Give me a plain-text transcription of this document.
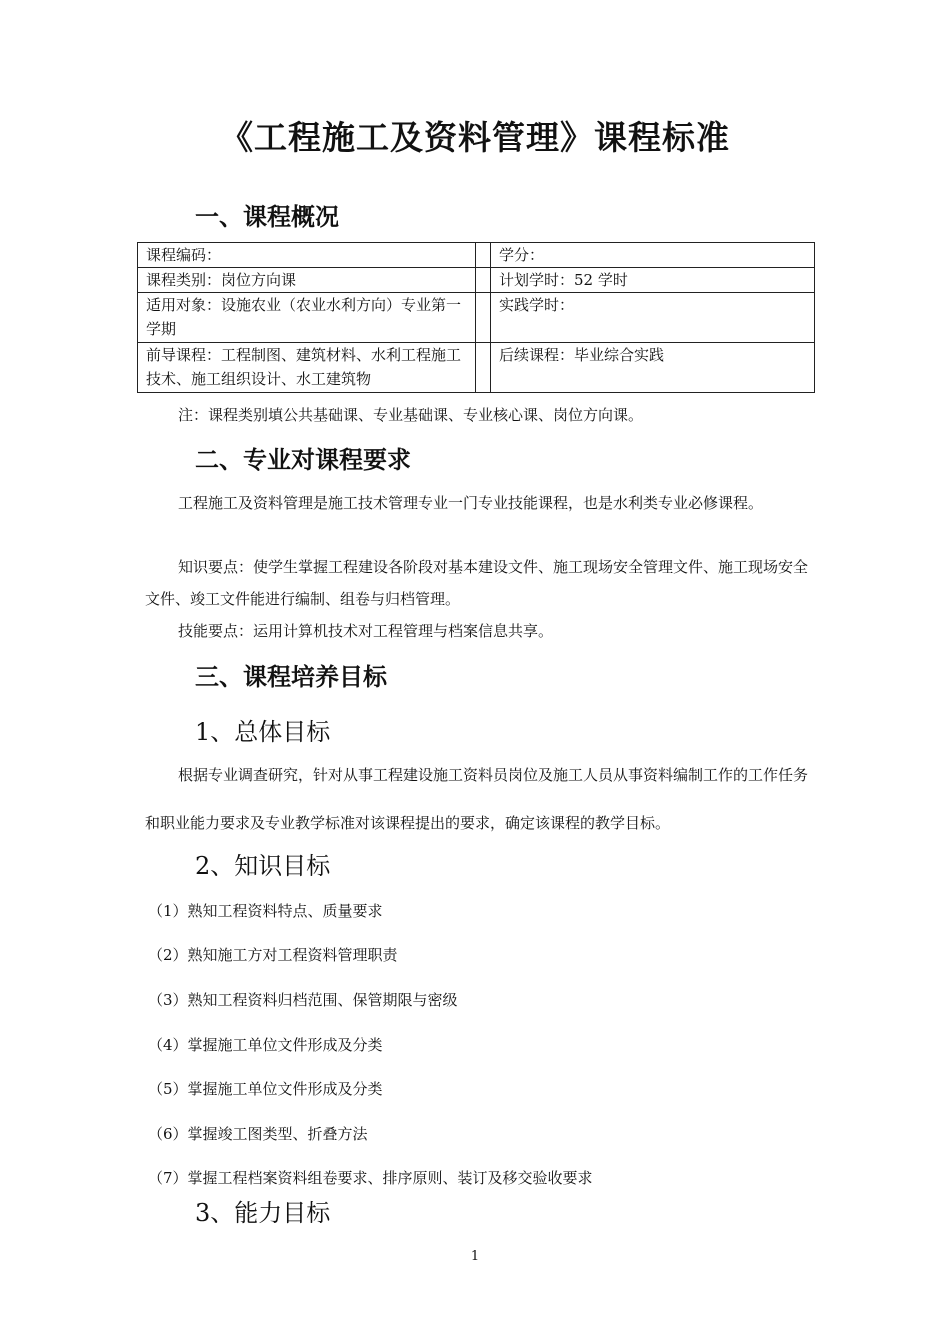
《工程施工及资料管理》课程标准
一、课程概况
课程编码：		学分：
课程类别：岗位方向课		计划学时：52 学时
适用对象：设施农业（农业水利方向）专业第一学期		实践学时：
前导课程：工程制图、建筑材料、水利工程施工技术、施工组织设计、水工建筑物		后续课程：毕业综合实践
注：课程类别填公共基础课、专业基础课、专业核心课、岗位方向课。
二、专业对课程要求
工程施工及资料管理是施工技术管理专业一门专业技能课程，也是水利类专业必修课程。
知识要点：使学生掌握工程建设各阶段对基本建设文件、施工现场安全管理文件、施工现场安全文件、竣工文件能进行编制、组卷与归档管理。
技能要点：运用计算机技术对工程管理与档案信息共享。
三、课程培养目标
1、总体目标
根据专业调查研究，针对从事工程建设施工资料员岗位及施工人员从事资料编制工作的工作任务和职业能力要求及专业教学标准对该课程提出的要求，确定该课程的教学目标。
2、知识目标
（1）熟知工程资料特点、质量要求
（2）熟知施工方对工程资料管理职责
（3）熟知工程资料归档范围、保管期限与密级
（4）掌握施工单位文件形成及分类
（5）掌握施工单位文件形成及分类
（6）掌握竣工图类型、折叠方法
（7）掌握工程档案资料组卷要求、排序原则、装订及移交验收要求
3、能力目标
1
